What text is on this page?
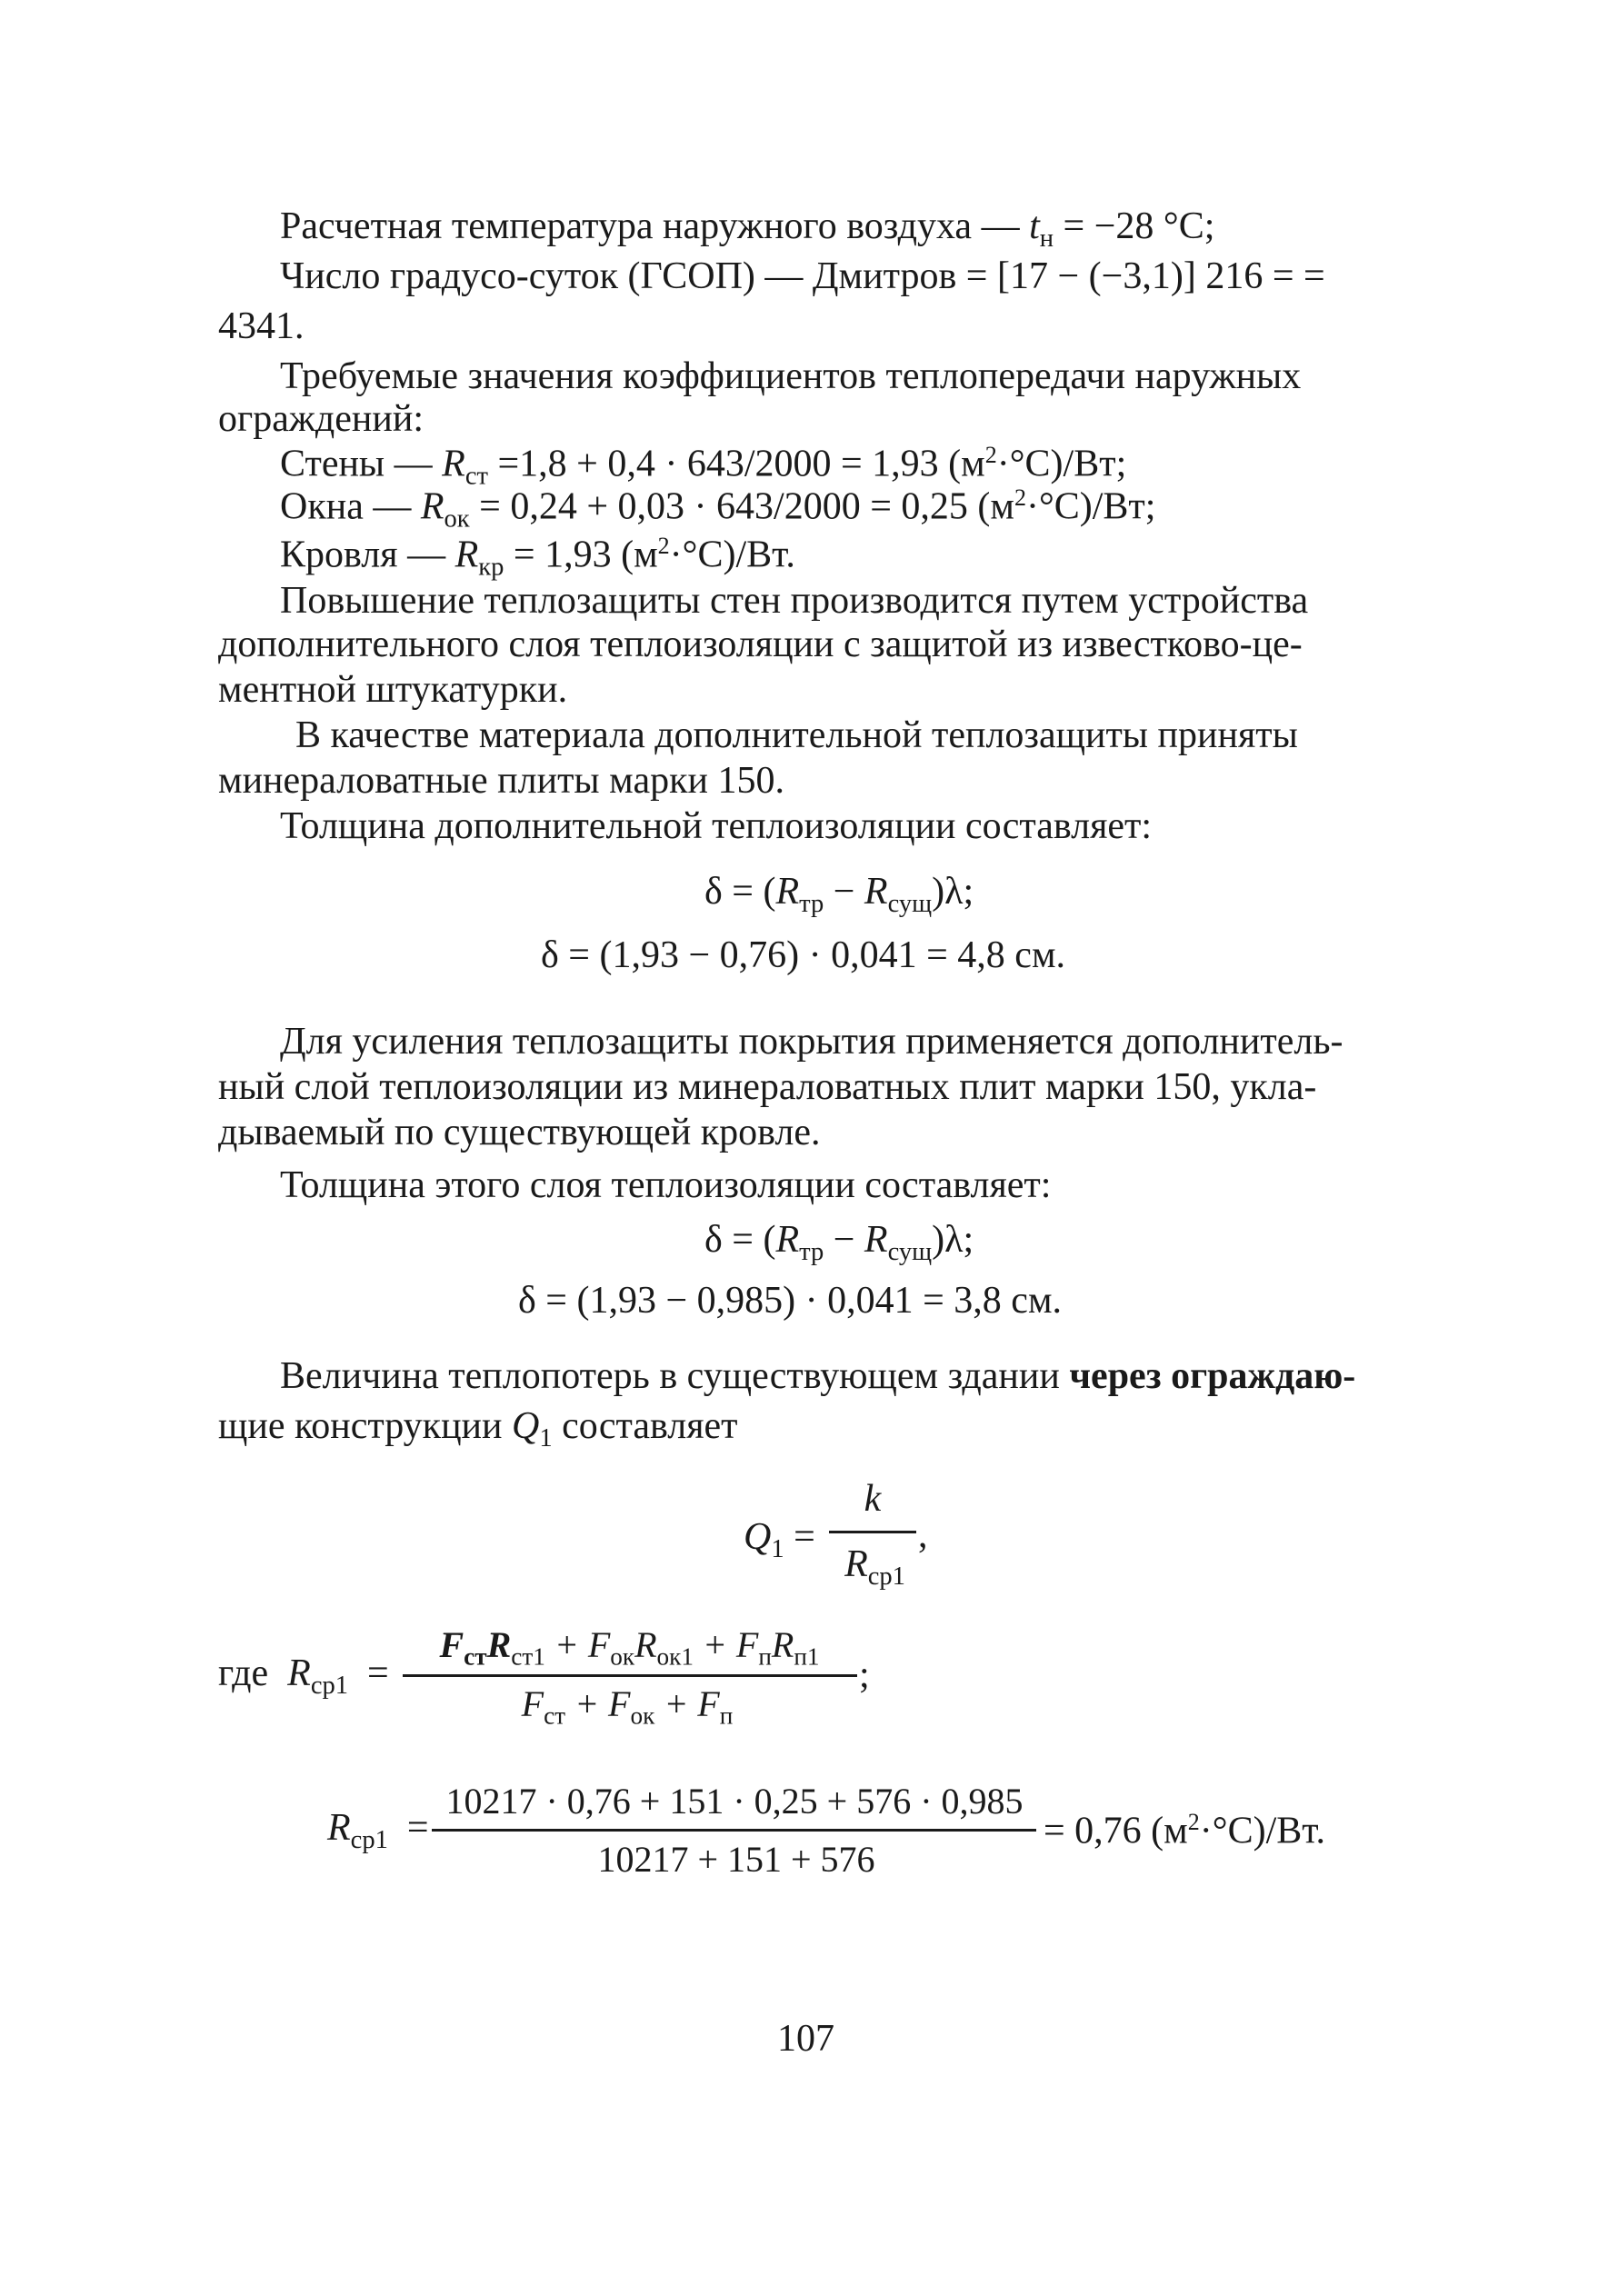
Расчетная температура наружного воздуха — $t_н = -28$ °С;
Число градусо-суток (ГСОП) — Дмитров = [17 − (−3,1)] 216 = =
4341.
Требуемые значения коэффициентов теплопередачи наружных
ограждений:
Стены — $R_{ст} =1,8 + 0,4 \cdot 643/2000 = 1,93$ $(м^2\cdot^\circ С)/Вт$;
Окна — $R_{ок} = 0,24 + 0,03 \cdot 643/2000 = 0,25$ $(м^2\cdot^\circ С)/Вт$;
Кровля — $R_{кр} = 1,93$ $(м^2\cdot^\circ С)/Вт$.
Повышение теплозащиты стен производится путем устройства
дополнительного слоя теплоизоляции с защитой из известково-це-
ментной штукатурки.
В качестве материала дополнительной теплозащиты приняты
минераловатные плиты марки 150.
Толщина дополнительной теплоизоляции составляет:
$\delta = (R_{тр} - R_{сущ})\lambda$;
δ = (1,93 − 0,76) · 0,041 = 4,8 см.
Для усиления теплозащиты покрытия применяется дополнитель-
ный слой теплоизоляции из минераловатных плит марки 150, укла-
дываемый по существующей кровле.
Толщина этого слоя теплоизоляции составляет:
$\delta = (R_{тр} - R_{сущ})\lambda$;
δ = (1,93 − 0,985) · 0,041 = 3,8 см.
Величина теплопотерь в существующем здании через ограждаю-
щие конструкции $Q_1$ составляет
$Q_1$ =
k
$R_{ср1}$
,
где $R_{ср1}$ =
$F_{ст}R_{ст1} + F_{ок}R_{ок1} + F_пR_{п1}$
$F_{ст} + F_{ок} + F_п$
;
$R_{ср1}$ =
10217 · 0,76 + 151 · 0,25 + 576 · 0,985
10217 + 151 + 576
= 0,76 $(м^2\cdot^\circ С)/Вт$.
107
